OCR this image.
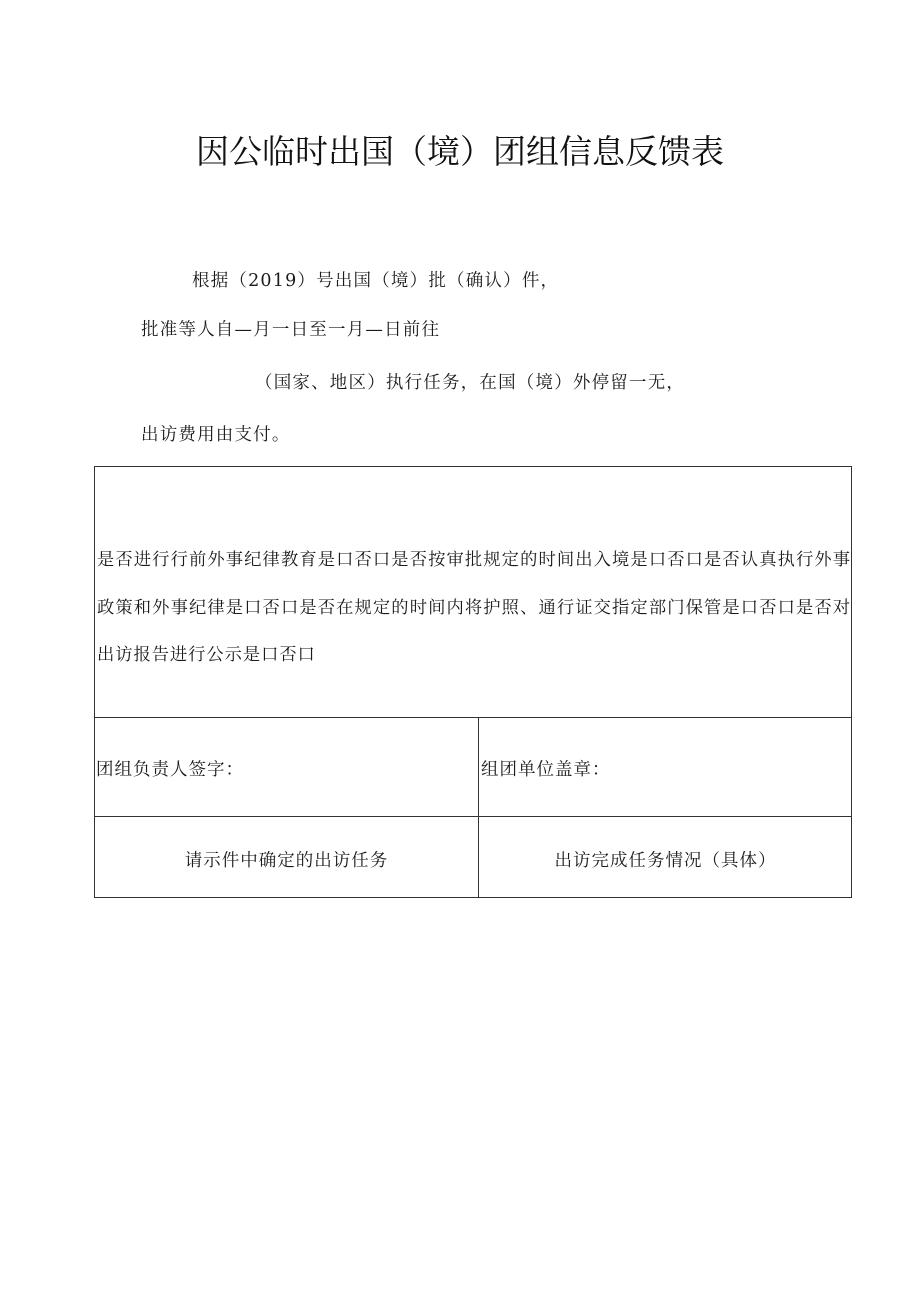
因公临时出国（境）团组信息反馈表
根据（2019）号出国（境）批（确认）件，
批准等人自—月一日至一月—日前往
（国家、地区）执行任务，在国（境）外停留一无，
出访费用由支付。
是否进行行前外事纪律教育是口否口是否按审批规定的时间出入境是口否口是否认真执行外事政策和外事纪律是口否口是否在规定的时间内将护照、通行证交指定部门保管是口否口是否对出访报告进行公示是口否口
团组负责人签字：	组团单位盖章：
请示件中确定的出访任务	出访完成任务情况（具体）
